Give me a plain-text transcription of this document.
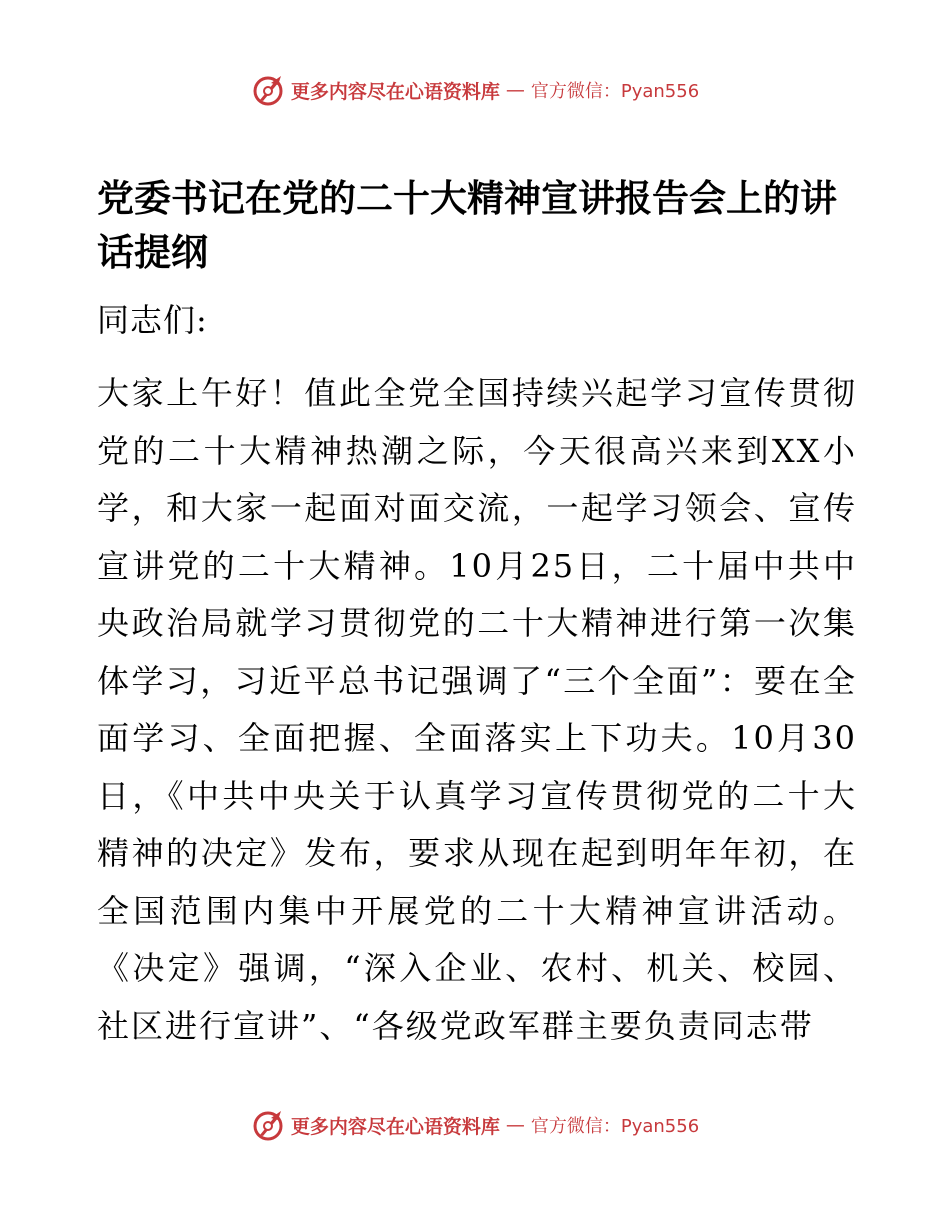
更多内容尽在心语资料库 — 官方微信：Pyan556
党委书记在党的二十大精神宣讲报告会上的讲话提纲

同志们:

大家上午好！值此全党全国持续兴起学习宣传贯彻党的二十大精神热潮之际，今天很高兴来到XX小学，和大家一起面对面交流，一起学习领会、宣传宣讲党的二十大精神。10月25日，二十届中共中央政治局就学习贯彻党的二十大精神进行第一次集体学习，习近平总书记强调了“三个全面”：要在全面学习、全面把握、全面落实上下功夫。10月30日，《中共中央关于认真学习宣传贯彻党的二十大精神的决定》发布，要求从现在起到明年年初，在全国范围内集中开展党的二十大精神宣讲活动。《决定》强调，“深入企业、农村、机关、校园、社区进行宣讲”、“各级党政军群主要负责同志带

更多内容尽在心语资料库 — 官方微信：Pyan556
